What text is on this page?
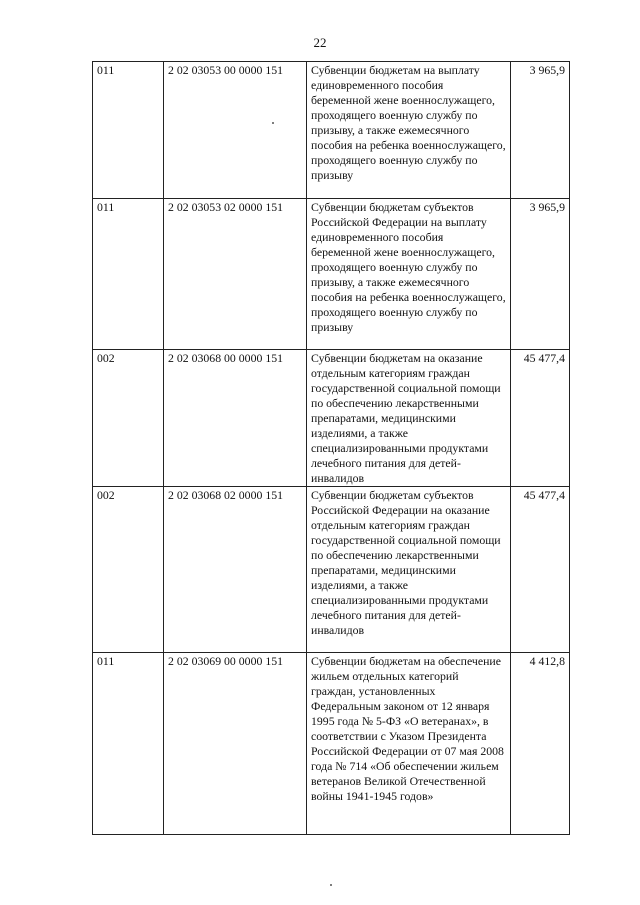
22
011	2 02 03053 00 0000 151	Субвенции бюджетам на выплату единовременного пособия беременной жене военнослужащего, проходящего военную службу по призыву, а также ежемесячного пособия на ребенка военнослужащего, проходящего военную службу по призыву	3 965,9
011	2 02 03053 02 0000 151	Субвенции бюджетам субъектов Российской Федерации на выплату единовременного пособия беременной жене военнослужащего, проходящего военную службу по призыву, а также ежемесячного пособия на ребенка военнослужащего, проходящего военную службу по призыву	3 965,9
002	2 02 03068 00 0000 151	Субвенции бюджетам на оказание отдельным категориям граждан государственной социальной помощи по обеспечению лекарственными препаратами, медицинскими изделиями, а также специализированными продуктами лечебного питания для детей-инвалидов	45 477,4
002	2 02 03068 02 0000 151	Субвенции бюджетам субъектов Российской Федерации на оказание отдельным категориям граждан государственной социальной помощи по обеспечению лекарственными препаратами, медицинскими изделиями, а также специализированными продуктами лечебного питания для детей-инвалидов	45 477,4
011	2 02 03069 00 0000 151	Субвенции бюджетам на обеспечение жильем отдельных категорий граждан, установленных Федеральным законом от 12 января 1995 года № 5-ФЗ «О ветеранах», в соответствии с Указом Президента Российской Федерации от 07 мая 2008 года № 714 «Об обеспечении жильем ветеранов Великой Отечественной войны 1941-1945 годов»	4 412,8
